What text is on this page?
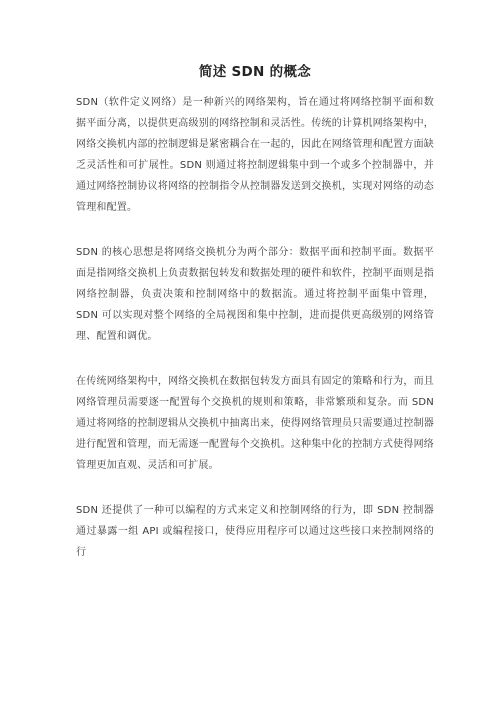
简述 SDN 的概念

SDN（软件定义网络）是一种新兴的网络架构，旨在通过将网络控制平面和数据平面分离，以提供更高级别的网络控制和灵活性。传统的计算机网络架构中，网络交换机内部的控制逻辑是紧密耦合在一起的，因此在网络管理和配置方面缺乏灵活性和可扩展性。SDN 则通过将控制逻辑集中到一个或多个控制器中，并通过网络控制协议将网络的控制指令从控制器发送到交换机，实现对网络的动态管理和配置。

SDN 的核心思想是将网络交换机分为两个部分：数据平面和控制平面。数据平面是指网络交换机上负责数据包转发和数据处理的硬件和软件，控制平面则是指网络控制器，负责决策和控制网络中的数据流。通过将控制平面集中管理，SDN 可以实现对整个网络的全局视图和集中控制，进而提供更高级别的网络管理、配置和调优。

在传统网络架构中，网络交换机在数据包转发方面具有固定的策略和行为，而且网络管理员需要逐一配置每个交换机的规则和策略，非常繁琐和复杂。而 SDN 通过将网络的控制逻辑从交换机中抽离出来，使得网络管理员只需要通过控制器进行配置和管理，而无需逐一配置每个交换机。这种集中化的控制方式使得网络管理更加直观、灵活和可扩展。

SDN 还提供了一种可以编程的方式来定义和控制网络的行为，即 SDN 控制器通过暴露一组 API 或编程接口，使得应用程序可以通过这些接口来控制网络的行
